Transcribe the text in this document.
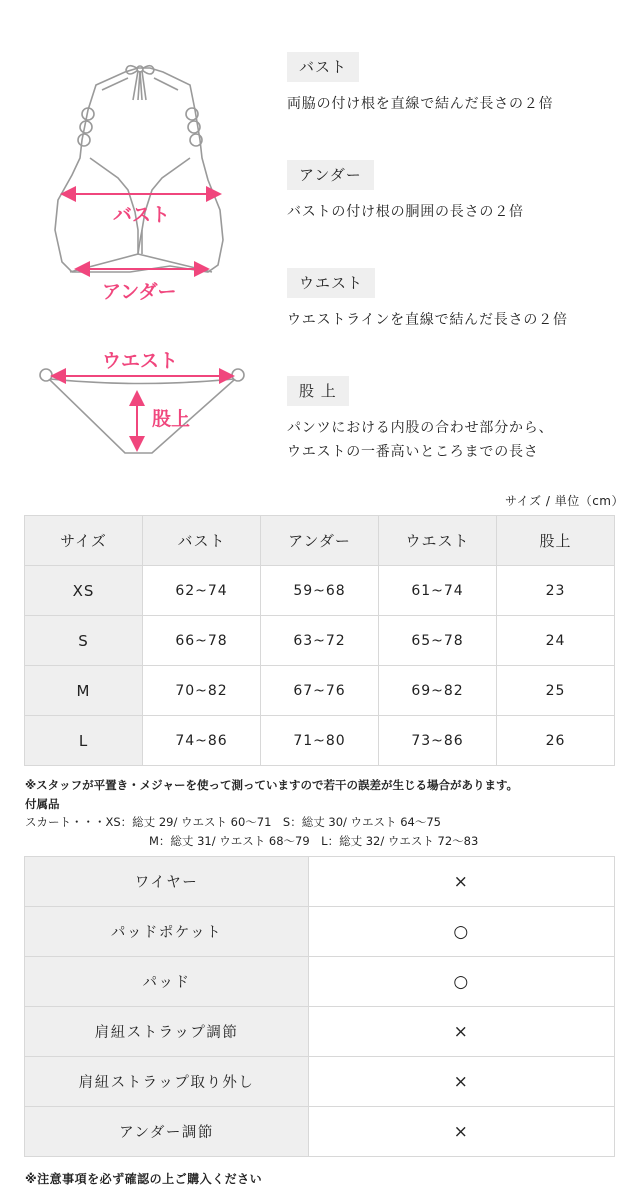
バスト
アンダー
ウエスト
股上
バスト
両脇の付け根を直線で結んだ長さの２倍
アンダー
バストの付け根の胴囲の長さの２倍
ウエスト
ウエストラインを直線で結んだ長さの２倍
股 上
パンツにおける内股の合わせ部分から、
ウエストの一番高いところまでの長さ
サイズ / 単位（cm）
サイズ	バスト	アンダー	ウエスト	股上
XS	62~74	59~68	61~74	23
S	66~78	63~72	65~78	24
M	70~82	67~76	69~82	25
L	74~86	71~80	73~86	26
※スタッフが平置き・メジャーを使って測っていますので若干の誤差が生じる場合があります。
付属品
スカート・・・XS：総丈 29/ ウエスト 60～71　S：総丈 30/ ウエスト 64～75
M：総丈 31/ ウエスト 68～79　L：総丈 32/ ウエスト 72～83
ワイヤー	×
パッドポケット	○
パッド	○
肩紐ストラップ調節	×
肩紐ストラップ取り外し	×
アンダー調節	×
※注意事項を必ず確認の上ご購入ください
